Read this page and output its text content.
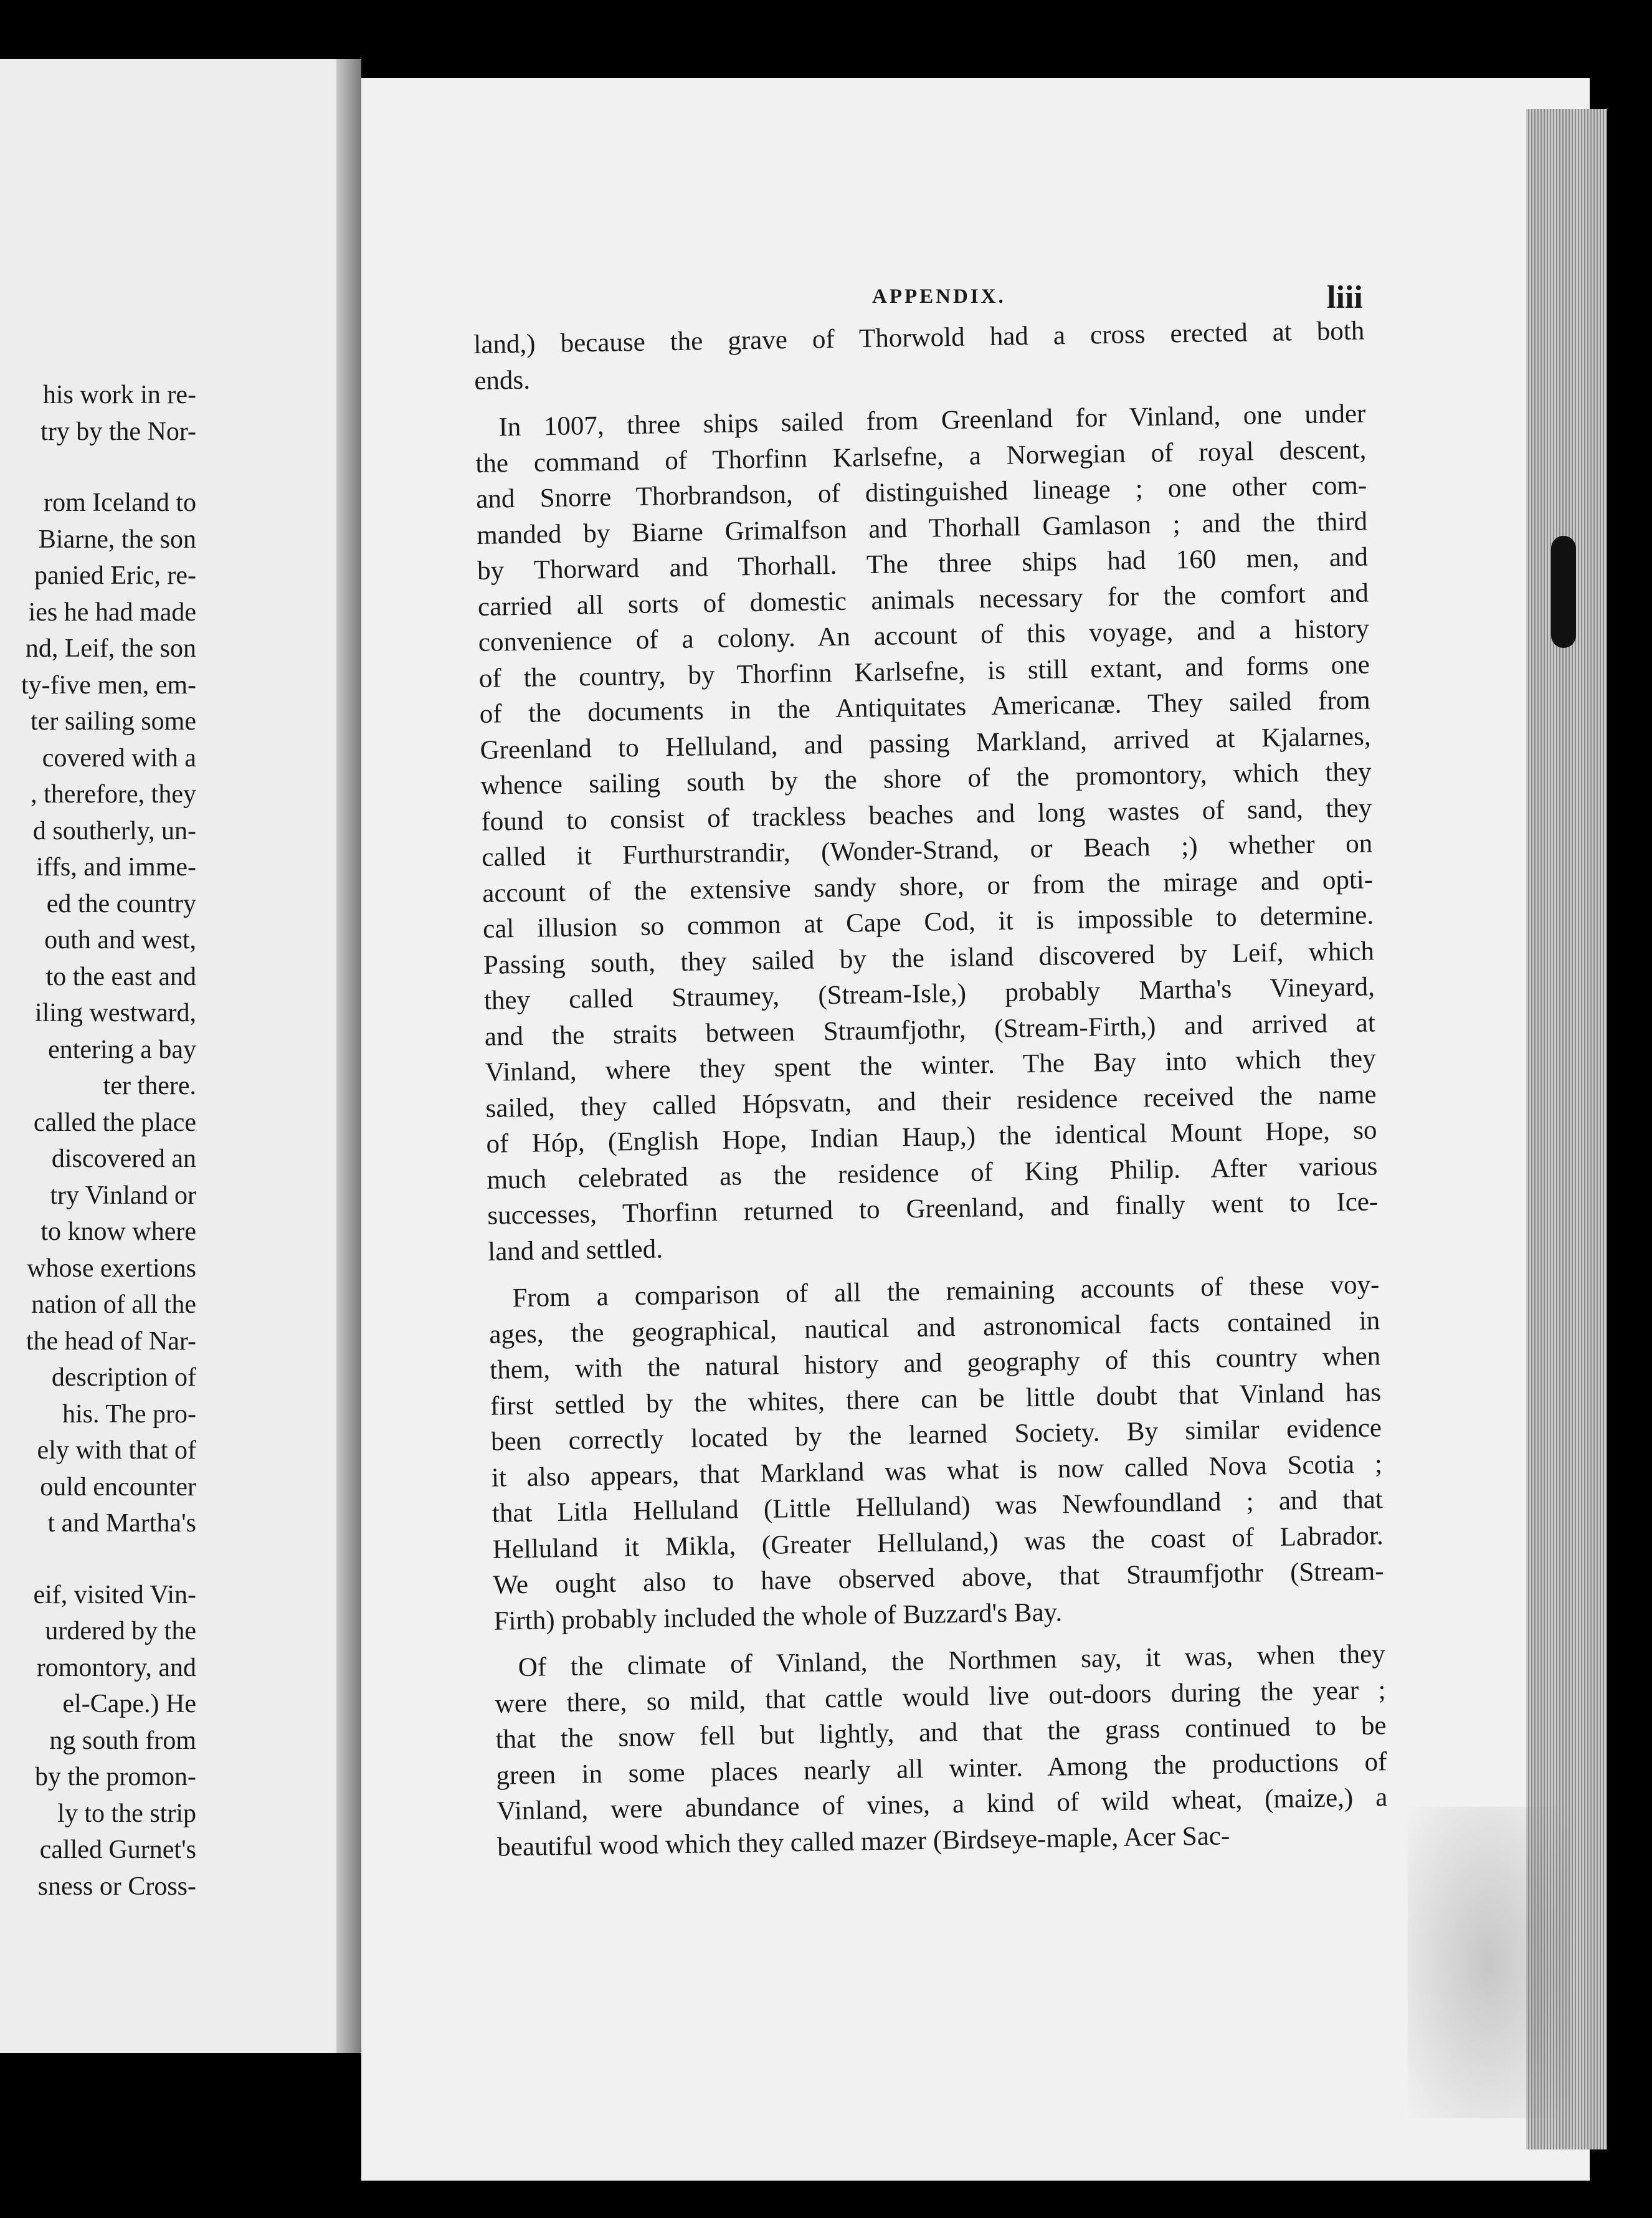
his work in re-
try by the Nor-
rom Iceland to
Biarne, the son
panied Eric, re-
ies he had made
nd, Leif, the son
ty-five men, em-
ter sailing some
covered with a
, therefore, they
d southerly, un-
iffs, and imme-
ed the country
outh and west,
to the east and
iling westward,
entering a bay
ter there.
called the place
discovered an
try Vinland or
to know where
whose exertions
nation of all the
the head of Nar-
description of
his. The pro-
ely with that of
ould encounter
t and Martha's
eif, visited Vin-
urdered by the
romontory, and
el-Cape.) He
ng south from
by the promon-
ly to the strip
called Gurnet's
sness or Cross-
APPENDIX.	liii
land,) because the grave of Thorwold had a cross erected at both
ends.
In 1007, three ships sailed from Greenland for Vinland, one under
the command of Thorfinn Karlsefne, a Norwegian of royal descent,
and Snorre Thorbrandson, of distinguished lineage ; one other com-
manded by Biarne Grimalfson and Thorhall Gamlason ; and the third
by Thorward and Thorhall. The three ships had 160 men, and
carried all sorts of domestic animals necessary for the comfort and
convenience of a colony. An account of this voyage, and a history
of the country, by Thorfinn Karlsefne, is still extant, and forms one
of the documents in the Antiquitates Americanæ. They sailed from
Greenland to Helluland, and passing Markland, arrived at Kjalarnes,
whence sailing south by the shore of the promontory, which they
found to consist of trackless beaches and long wastes of sand, they
called it Furthurstrandir, (Wonder-Strand, or Beach ;) whether on
account of the extensive sandy shore, or from the mirage and opti-
cal illusion so common at Cape Cod, it is impossible to determine.
Passing south, they sailed by the island discovered by Leif, which
they called Straumey, (Stream-Isle,) probably Martha's Vineyard,
and the straits between Straumfjothr, (Stream-Firth,) and arrived at
Vinland, where they spent the winter. The Bay into which they
sailed, they called Hópsvatn, and their residence received the name
of Hóp, (English Hope, Indian Haup,) the identical Mount Hope, so
much celebrated as the residence of King Philip. After various
successes, Thorfinn returned to Greenland, and finally went to Ice-
land and settled.
From a comparison of all the remaining accounts of these voy-
ages, the geographical, nautical and astronomical facts contained in
them, with the natural history and geography of this country when
first settled by the whites, there can be little doubt that Vinland has
been correctly located by the learned Society. By similar evidence
it also appears, that Markland was what is now called Nova Scotia ;
that Litla Helluland (Little Helluland) was Newfoundland ; and that
Helluland it Mikla, (Greater Helluland,) was the coast of Labrador.
We ought also to have observed above, that Straumfjothr (Stream-
Firth) probably included the whole of Buzzard's Bay.
Of the climate of Vinland, the Northmen say, it was, when they
were there, so mild, that cattle would live out-doors during the year ;
that the snow fell but lightly, and that the grass continued to be
green in some places nearly all winter. Among the productions of
Vinland, were abundance of vines, a kind of wild wheat, (maize,) a
beautiful wood which they called mazer (Birdseye-maple, Acer Sac-
